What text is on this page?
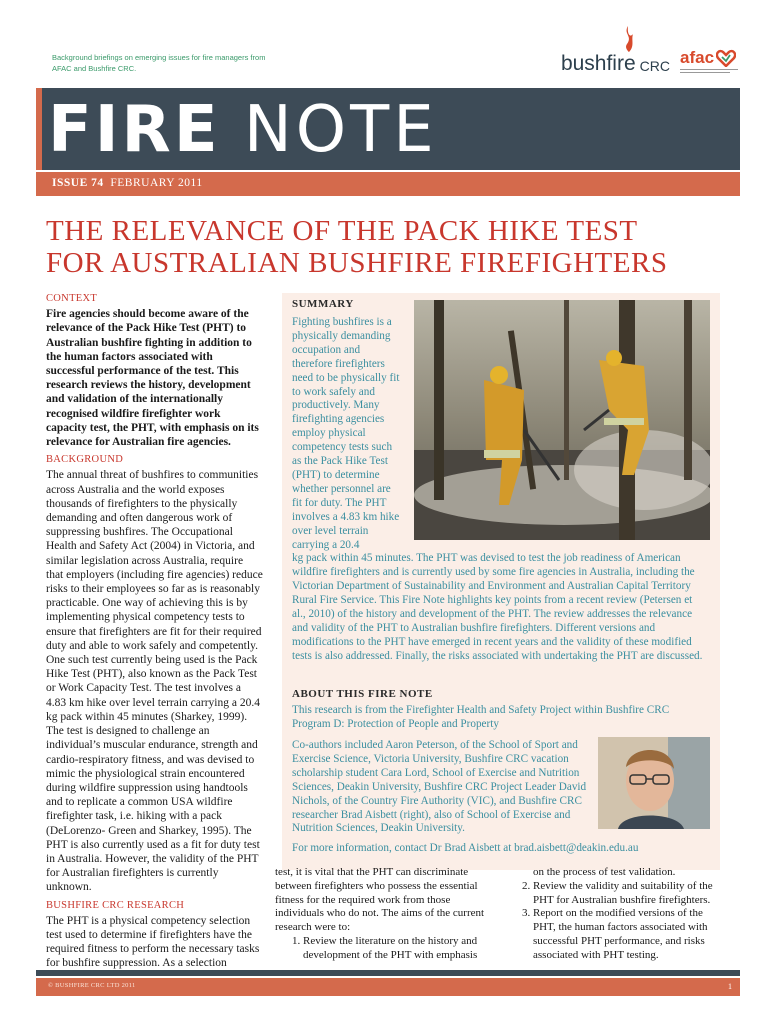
Background briefings on emerging issues for fire managers from AFAC and Bushfire CRC.	bushfire CRC afac
FIRE NOTE
ISSUE 74 FEBRUARY 2011
THE RELEVANCE OF THE PACK HIKE TEST
FOR AUSTRALIAN BUSHFIRE FIREFIGHTERS
CONTEXT

Fire agencies should become aware of the relevance of the Pack Hike Test (PHT) to Australian bushfire fighting in addition to the human factors associated with successful performance of the test. This research reviews the history, development and validation of the internationally recognised wildfire firefighter work capacity test, the PHT, with emphasis on its relevance for Australian fire agencies.

BACKGROUND

The annual threat of bushfires to communities across Australia and the world exposes thousands of firefighters to the physically demanding and often dangerous work of suppressing bushfires. The Occupational Health and Safety Act (2004) in Victoria, and similar legislation across Australia, require that employers (including fire agencies) reduce risks to their employees so far as is reasonably practicable. One way of achieving this is by implementing physical competency tests to ensure that firefighters are fit for their required duty and able to work safely and competently. One such test currently being used is the Pack Hike Test (PHT), also known as the Pack Test or Work Capacity Test. The test involves a 4.83 km hike over level terrain carrying a 20.4 kg pack within 45 minutes (Sharkey, 1999). The test is designed to challenge an individual’s muscular endurance, strength and cardio-respiratory fitness, and was devised to mimic the physiological strain encountered during wildfire suppression using handtools and to replicate a common USA wildfire firefighter task, i.e. hiking with a pack (DeLorenzo- Green and Sharkey, 1995). The PHT is also currently used as a fit for duty test in Australia. However, the validity of the PHT for Australian firefighters is currently unknown.

BUSHFIRE CRC RESEARCH

The PHT is a physical competency selection test used to determine if firefighters have the required fitness to perform the necessary tasks for bushfire suppression. As a selection

SUMMARY
Fighting bushfires is a physically demanding occupation and therefore firefighters need to be physically fit to work safely and productively. Many firefighting agencies employ physical competency tests such as the Pack Hike Test (PHT) to determine whether personnel are fit for duty. The PHT involves a 4.83 km hike over level terrain carrying a 20.4
kg pack within 45 minutes. The PHT was devised to test the job readiness of American wildfire firefighters and is currently used by some fire agencies in Australia, including the Victorian Department of Sustainability and Environment and Australian Capital Territory Rural Fire Service. This Fire Note highlights key points from a recent review (Petersen et al., 2010) of the history and development of the PHT. The review addresses the relevance and validity of the PHT to Australian bushfire firefighters. Different versions and modifications to the PHT have emerged in recent years and the validity of these modified tests is also addressed. Finally, the risks associated with undertaking the PHT are discussed.
ABOUT THIS FIRE NOTE
This research is from the Firefighter Health and Safety Project within Bushfire CRC Program D: Protection of People and Property
Co-authors included Aaron Peterson, of the School of Sport and Exercise Science, Victoria University, Bushfire CRC vacation scholarship student Cara Lord, School of Exercise and Nutrition Sciences, Deakin University, Bushfire CRC Project Leader David Nichols, of the Country Fire Authority (VIC), and Bushfire CRC researcher Brad Aisbett (right), also of School of Exercise and Nutrition Sciences, Deakin University.
For more information, contact Dr Brad Aisbett at brad.aisbett@deakin.edu.au
test, it is vital that the PHT can discriminate between firefighters who possess the essential fitness for the required work from those individuals who do not. The aims of the current research were to:
1. Review the literature on the history and development of the PHT with emphasis
on the process of test validation.
2. Review the validity and suitability of the PHT for Australian bushfire firefighters.
3. Report on the modified versions of the PHT, the human factors associated with successful PHT performance, and risks associated with PHT testing.
© BUSHFIRE CRC LTD 2011	1
